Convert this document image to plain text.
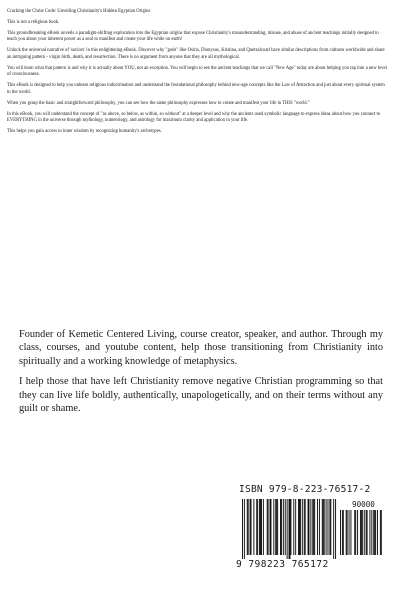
Cracking the Christ Code: Unveiling Christianity's Hidden Egyptian Origins

This is not a religious book.

This groundbreaking eBook unveils a paradigm-shifting exploration into the Egyptian origins that expose Christianity's misunderstanding, misuse, and abuse of ancient teachings initially designed to teach you about your inherent power as a soul to manifest and create your life while on earth!

Unlock the universal narrative of 'saviors' in this enlightening eBook. Discover why "gods" like Osiris, Dionysus, Krishna, and Quetzalcoatl have similar descriptions from cultures worldwide and share an intriguing pattern - virgin birth, death, and resurrection. There is no argument from anyone that they are all mythological.

You will learn what that pattern is and why it is actually about YOU, not an exception. You will begin to see the ancient teachings that we call "New Age" today are about helping you tap into a new level of consciousness.

This eBook is designed to help you unlearn religious indoctrination and understand the foundational philosophy behind new-age concepts like the Law of Attraction and just about every spiritual system in the world.

When you grasp the basic and straightforward philosophy, you can see how the same philosophy expresses how to create and manifest your life in THIS "world."

In this eBook, you will understand the concept of "as above, so below, as within, so without" at a deeper level and why the ancients used symbolic language to express ideas about how you connect to EVERYTHING in the universe through mythology, numerology, and astrology for maximum clarity and application in your life.

This helps you gain access to inner wisdom by recognizing humanity's archetypes.

Founder of Kemetic Centered Living, course creator, speaker, and author. Through my class, courses, and youtube content, help those transitioning from Christianity into spiritually and a working knowledge of metaphysics.

I help those that have left Christianity remove negative Christian programming so that they can live life boldly, authentically, unapologetically, and on their terms without any guilt or shame.

ISBN 979-8-223-76517-2
90000
9 798223 765172
